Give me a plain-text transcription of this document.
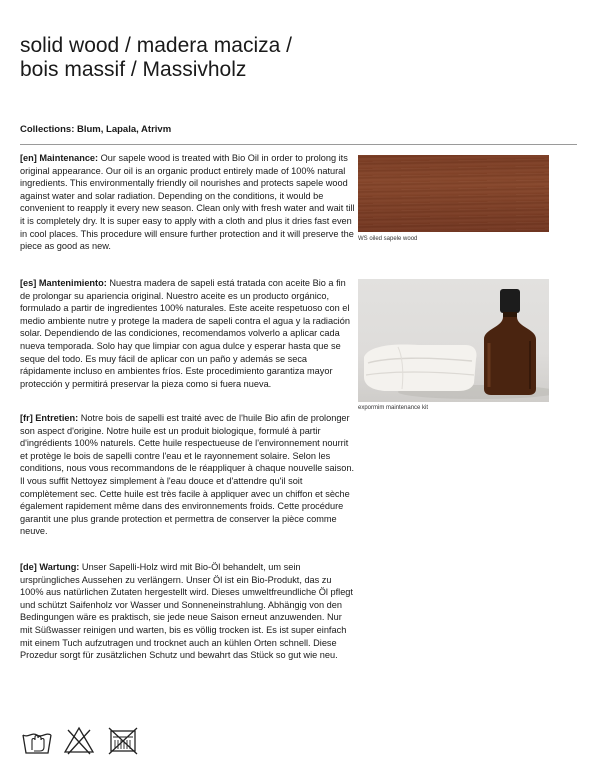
solid wood / madera maciza /
bois massif / Massivholz
Collections: Blum, Lapala, Atrivm

[en] Maintenance: Our sapele wood is treated with Bio Oil in order to prolong its original appearance. Our oil is an organic product entirely made of 100% natural ingredients. This environmentally friendly oil nourishes and protects sapele wood against water and solar radiation. Depending on the conditions, it would be convenient to reapply it every new season. Clean only with fresh water and wait till it is completely dry. It is super easy to apply with a cloth and plus it dries fast even in cool places. This procedure will ensure further protection and it will preserve the piece as good as new.

[es] Mantenimiento: Nuestra madera de sapeli está tratada con aceite Bio a fin de prolongar su apariencia original. Nuestro aceite es un producto orgánico, formulado a partir de ingredientes 100% naturales. Este aceite respetuoso con el medio ambiente nutre y protege la madera de sapeli contra el agua y la radiación solar. Dependiendo de las condiciones, recomendamos volverlo a aplicar cada nueva temporada. Solo hay que limpiar con agua dulce y esperar hasta que se seque del todo. Es muy fácil de aplicar con un paño y además se seca rápidamente incluso en ambientes fríos. Este procedimiento garantiza mayor protección y permitirá preservar la pieza como si fuera nueva.

[fr] Entretien: Notre bois de sapelli est traité avec de l'huile Bio afin de prolonger son aspect d'origine. Notre huile est un produit biologique, formulé à partir d'ingrédients 100% naturels. Cette huile respectueuse de l'environnement nourrit et protège le bois de sapelli contre l'eau et le rayonnement solaire. Selon les conditions, nous vous recommandons de le réappliquer à chaque nouvelle saison. Il vous suffit Nettoyez simplement à l'eau douce et d'attendre qu'il soit complètement sec. Cette huile est très facile à appliquer avec un chiffon et sèche également rapidement même dans des environnements froids. Cette procédure garantit une plus grande protection et permettra de conserver la pièce comme neuve.

[de] Wartung: Unser Sapelli-Holz wird mit Bio-Öl behandelt, um sein ursprüngliches Aussehen zu verlängern. Unser Öl ist ein Bio-Produkt, das zu 100% aus natürlichen Zutaten hergestellt wird. Dieses umweltfreundliche Öl pflegt und schützt Saifenholz vor Wasser und Sonneneinstrahlung. Abhängig von den Bedingungen wäre es praktisch, sie jede neue Saison erneut anzuwenden. Nur mit Süßwasser reinigen und warten, bis es völlig trocken ist. Es ist super einfach mit einem Tuch aufzutragen und trocknet auch an kühlen Orten schnell. Diese Prozedur sorgt für zusätzlichen Schutz und bewahrt das Stück so gut wie neu.

WS oiled sapele wood
expormim maintenance kit
